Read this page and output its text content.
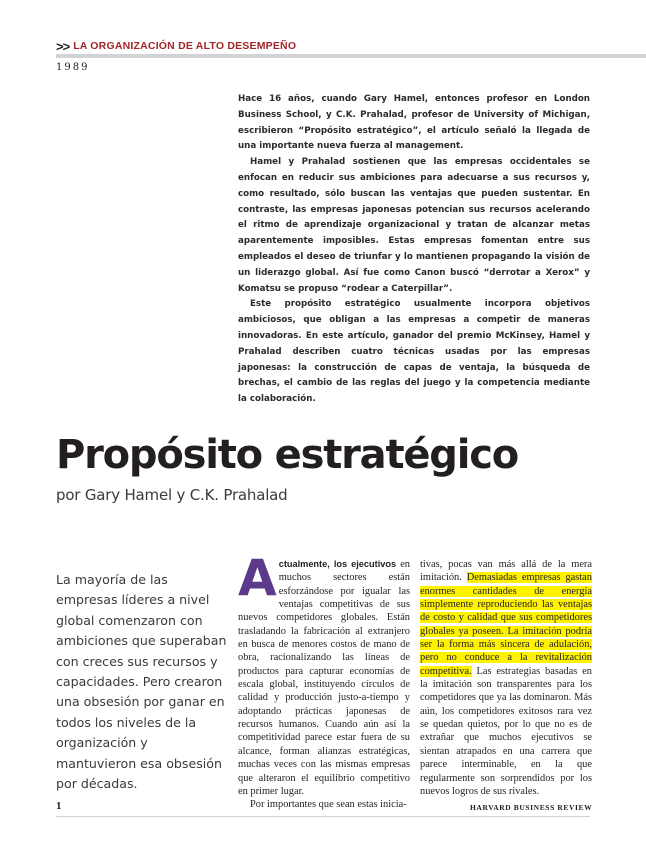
>> LA ORGANIZACIÓN DE ALTO DESEMPEÑO
1989

Hace 16 años, cuando Gary Hamel, entonces profesor en London Business School, y C.K. Prahalad, profesor de University of Michigan, escribieron “Propósito estratégico”, el artículo señaló la llegada de una importante nueva fuerza al management.

Hamel y Prahalad sostienen que las empresas occidentales se enfocan en reducir sus ambiciones para adecuarse a sus recursos y, como resultado, sólo buscan las ventajas que pueden sustentar. En contraste, las empresas japonesas potencian sus recursos acelerando el ritmo de aprendizaje organizacional y tratan de alcanzar metas aparentemente imposibles. Estas empresas fomentan entre sus empleados el deseo de triunfar y lo mantienen propagando la visión de un liderazgo global. Así fue como Canon buscó “derrotar a Xerox” y Komatsu se propuso “rodear a Caterpillar”.

Este propósito estratégico usualmente incorpora objetivos ambiciosos, que obligan a las empresas a competir de maneras innovadoras. En este artículo, ganador del premio McKinsey, Hamel y Prahalad describen cuatro técnicas usadas por las empresas japonesas: la construcción de capas de ventaja, la búsqueda de brechas, el cambio de las reglas del juego y la competencia mediante la colaboración.

Propósito estratégico
por Gary Hamel y C.K. Prahalad
La mayoría de las empresas líderes a nivel global comenzaron con ambiciones que superaban con creces sus recursos y capacidades. Pero crearon una obsesión por ganar en todos los niveles de la organización y mantuvieron esa obsesión por décadas.

Actualmente, los ejecutivos en muchos sectores están esforzándose por igualar las ventajas competitivas de sus nuevos competidores globales. Están trasladando la fabricación al extranjero en busca de menores costos de mano de obra, racionalizando las líneas de productos para capturar economías de escala global, instituyendo círculos de calidad y producción justo-a-tiempo y adoptando prácticas japonesas de recursos humanos. Cuando aún así la competitividad parece estar fuera de su alcance, forman alianzas estratégicas, muchas veces con las mismas empresas que alteraron el equilibrio competitivo en primer lugar.

Por importantes que sean estas inicia-

tivas, pocas van más allá de la mera imitación. Demasiadas empresas gastan enormes cantidades de energía simplemente reproduciendo las ventajas de costo y calidad que sus competidores globales ya poseen. La imitación podría ser la forma más sincera de adulación, pero no conduce a la revitalización competitiva. Las estrategias basadas en la imitación son transparentes para los competidores que ya las dominaron. Más aún, los competidores exitosos rara vez se quedan quietos, por lo que no es de extrañar que muchos ejecutivos se sientan atrapados en una carrera que parece interminable, en la que regularmente son sorprendidos por los nuevos logros de sus rivales.

1	HARVARD BUSINESS REVIEW
